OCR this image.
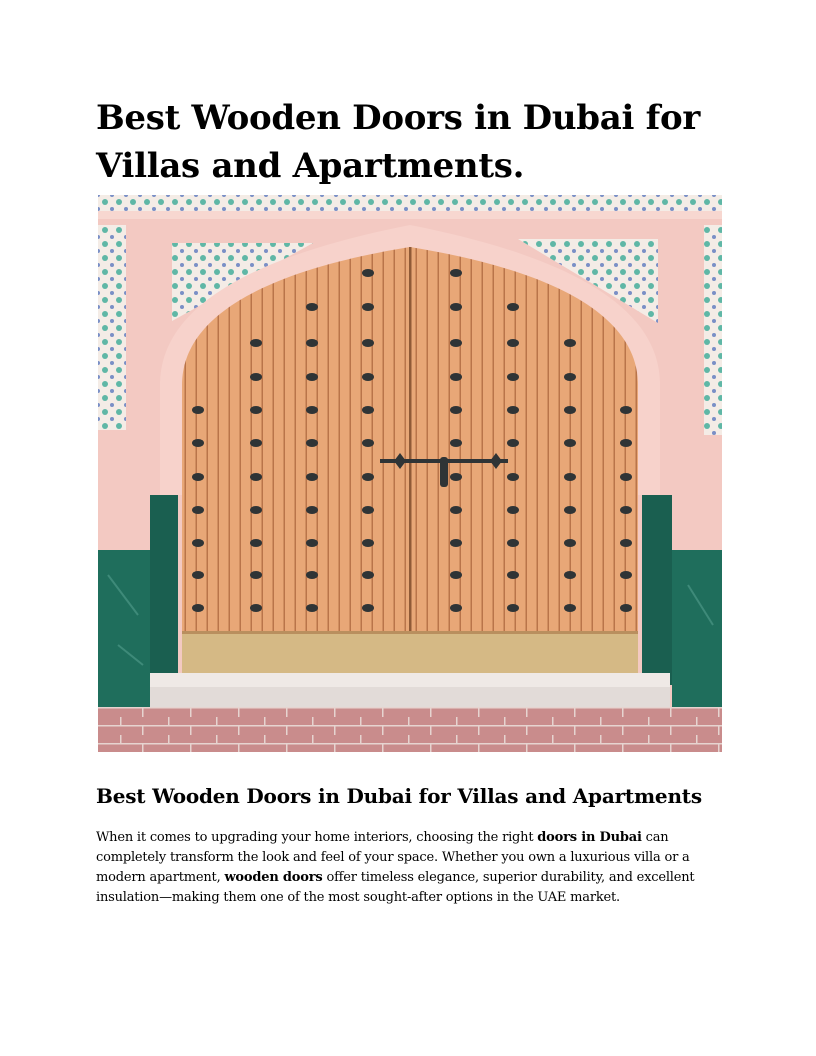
Best Wooden Doors in Dubai for Villas and Apartments.
Best Wooden Doors in Dubai for Villas and Apartments

When it comes to upgrading your home interiors, choosing the right doors in Dubai can completely transform the look and feel of your space. Whether you own a luxurious villa or a modern apartment, wooden doors offer timeless elegance, superior durability, and excellent insulation—making them one of the most sought-after options in the UAE market.
